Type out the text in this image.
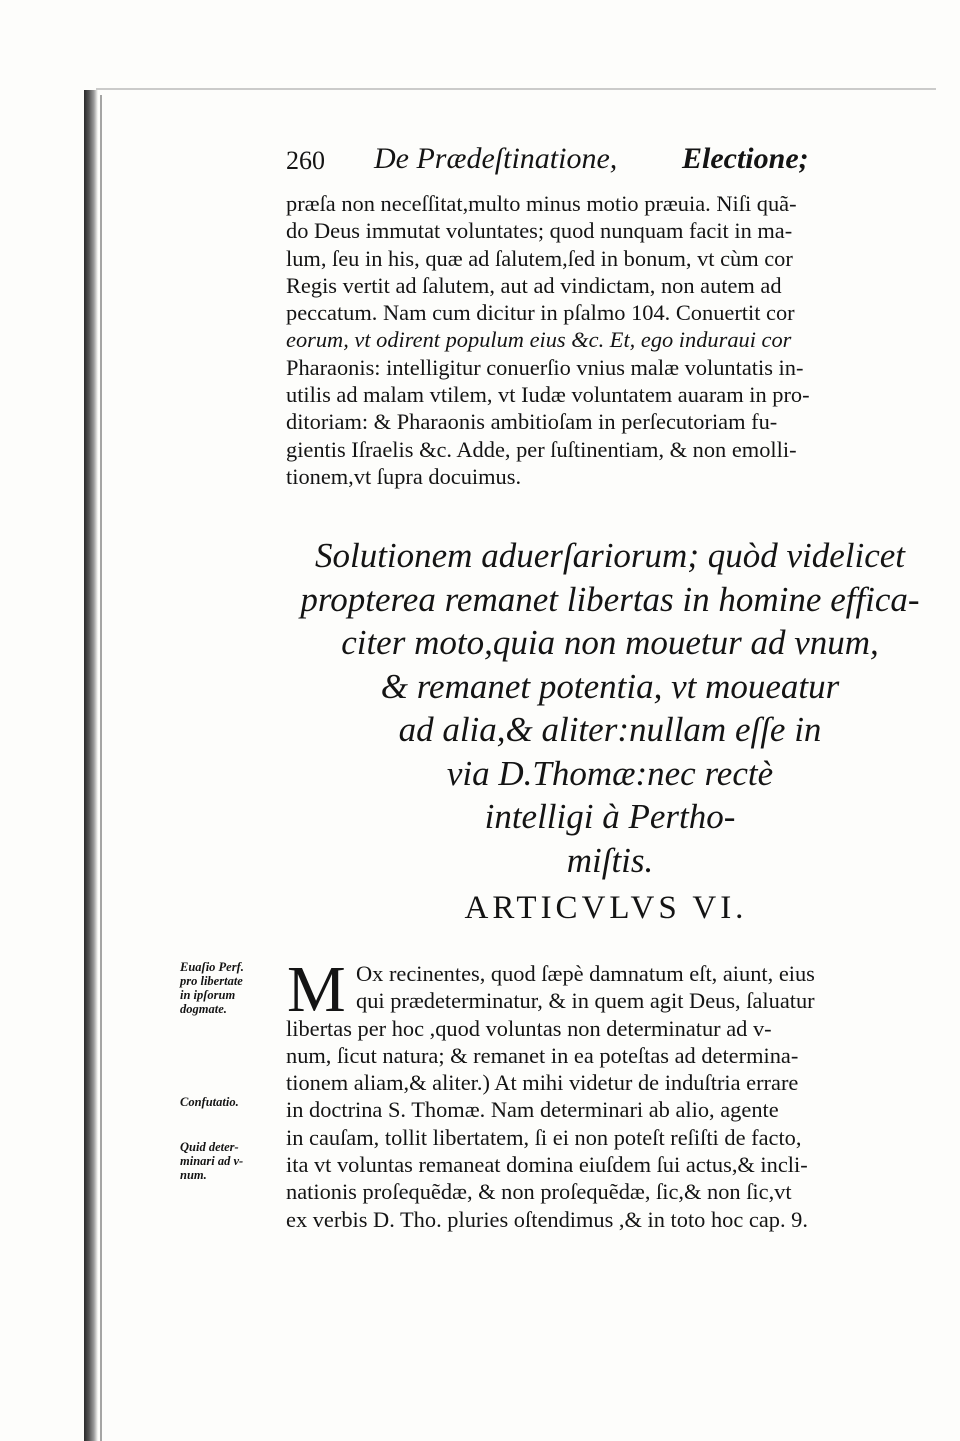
260 De Prædeſtinatione, Electione;

præſa non neceſſitat,multo minus motio præuia. Niſi quã-
do Deus immutat voluntates; quod nunquam facit in ma-
lum, ſeu in his, quæ ad ſalutem,ſed in bonum, vt cùm cor
Regis vertit ad ſalutem, aut ad vindictam, non autem ad
peccatum. Nam cum dicitur in pſalmo 104. Conuertit cor
eorum, vt odirent populum eius &c. Et, ego induraui cor
Pharaonis: intelligitur conuerſio vnius malæ voluntatis in-
utilis ad malam vtilem, vt Iudæ voluntatem auaram in pro-
ditoriam: & Pharaonis ambitioſam in perſecutoriam fu-
gientis Iſraelis &c. Adde, per ſuſtinentiam, & non emolli-
tionem,vt ſupra docuimus.

Solutionem aduerſariorum; quòd videlicet
propterea remanet libertas in homine effica-
citer moto,quia non mouetur ad vnum,
& remanet potentia, vt moueatur
ad alia,& aliter:nullam eſſe in
via D.Thomæ:nec rectè
intelligi à Pertho-
miſtis.
ARTICVLVS VI.
M Ox recinentes, quod ſæpè damnatum eſt, aiunt, eius
qui prædeterminatur, & in quem agit Deus, ſaluatur
libertas per hoc ,quod voluntas non determinatur ad v-
num, ſicut natura; & remanet in ea poteſtas ad determina-
tionem aliam,& aliter.) At mihi videtur de induſtria errare
in doctrina S. Thomæ. Nam determinari ab alio, agente
in cauſam, tollit libertatem, ſi ei non poteſt reſiſti de facto,
ita vt voluntas remaneat domina eiuſdem ſui actus,& incli-
nationis proſequẽdæ, & non proſequẽdæ, ſic,& non ſic,vt
ex verbis D. Tho. pluries oſtendimus ,& in toto hoc cap. 9.

Euaſio Perf.
pro libertate
in ipſorum
dogmate.
Confutatio.
Quid deter-
minari ad v-
num.
